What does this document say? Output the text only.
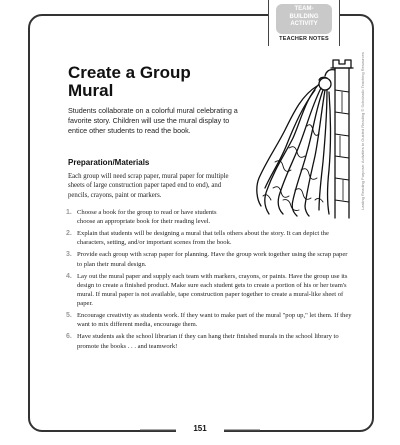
TEAM-
BUILDING
ACTIVITY
TEACHER NOTES
Create a Group Mural

Students collaborate on a colorful mural celebrating a favorite story. Children will use the mural display to entice other students to read the book.

Preparation/Materials

Each group will need scrap paper, mural paper for multiple sheets of large construction paper taped end to end), and pencils, crayons, paint or markers.

1. Choose a book for the group to read or have students choose an appropriate book for their reading level.
2. Explain that students will be designing a mural that tells others about the story. It can depict the characters, setting, and/or important scenes from the book.
3. Provide each group with scrap paper for planning. Have the group work together using the scrap paper to plan their mural design.
4. Lay out the mural paper and supply each team with markers, crayons, or paints. Have the group use its design to create a finished product. Make sure each student gets to create a portion of his or her team's mural. If mural paper is not available, tape construction paper together to create a mural-like sheet of paper.
5. Encourage creativity as students work. If they want to make part of the mural "pop up," let them. If they want to mix different media, encourage them.
6. Have students ask the school librarian if they can hang their finished murals in the school library to promote the books . . . and teamwork!
Lasting Reading Purpose: Activities to Guided Reading © Scholastic Teaching Resources
151
